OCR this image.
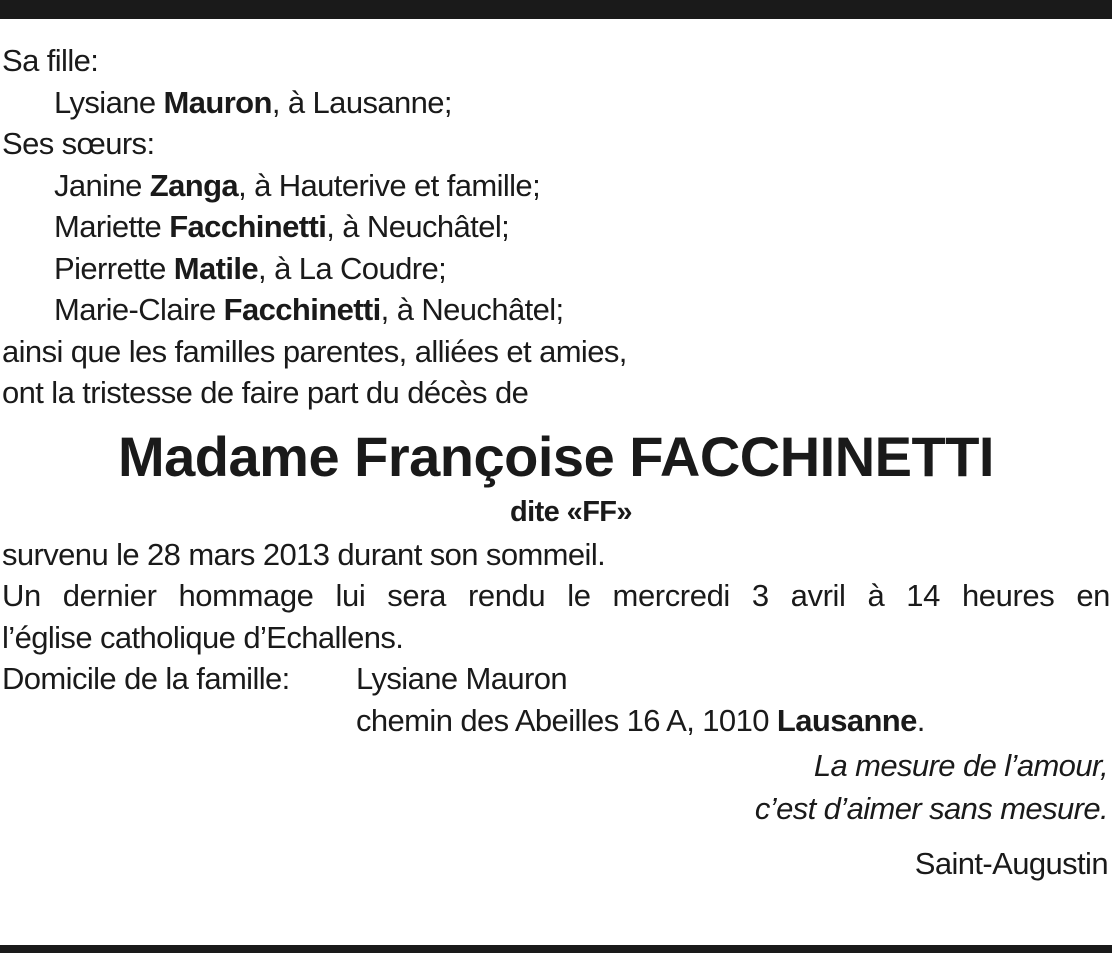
Sa fille:
Lysiane Mauron, à Lausanne;
Ses sœurs:
Janine Zanga, à Hauterive et famille;
Mariette Facchinetti, à Neuchâtel;
Pierrette Matile, à La Coudre;
Marie-Claire Facchinetti, à Neuchâtel;
ainsi que les familles parentes, alliées et amies,
ont la tristesse de faire part du décès de
Madame Françoise FACCHINETTI
dite «FF»
survenu le 28 mars 2013 durant son sommeil.
Un dernier hommage lui sera rendu le mercredi 3 avril à 14 heures en
l’église catholique d’Echallens.
Domicile de la famille:	Lysiane Mauron
chemin des Abeilles 16 A, 1010 Lausanne.
La mesure de l’amour,
c’est d’aimer sans mesure.
Saint-Augustin
